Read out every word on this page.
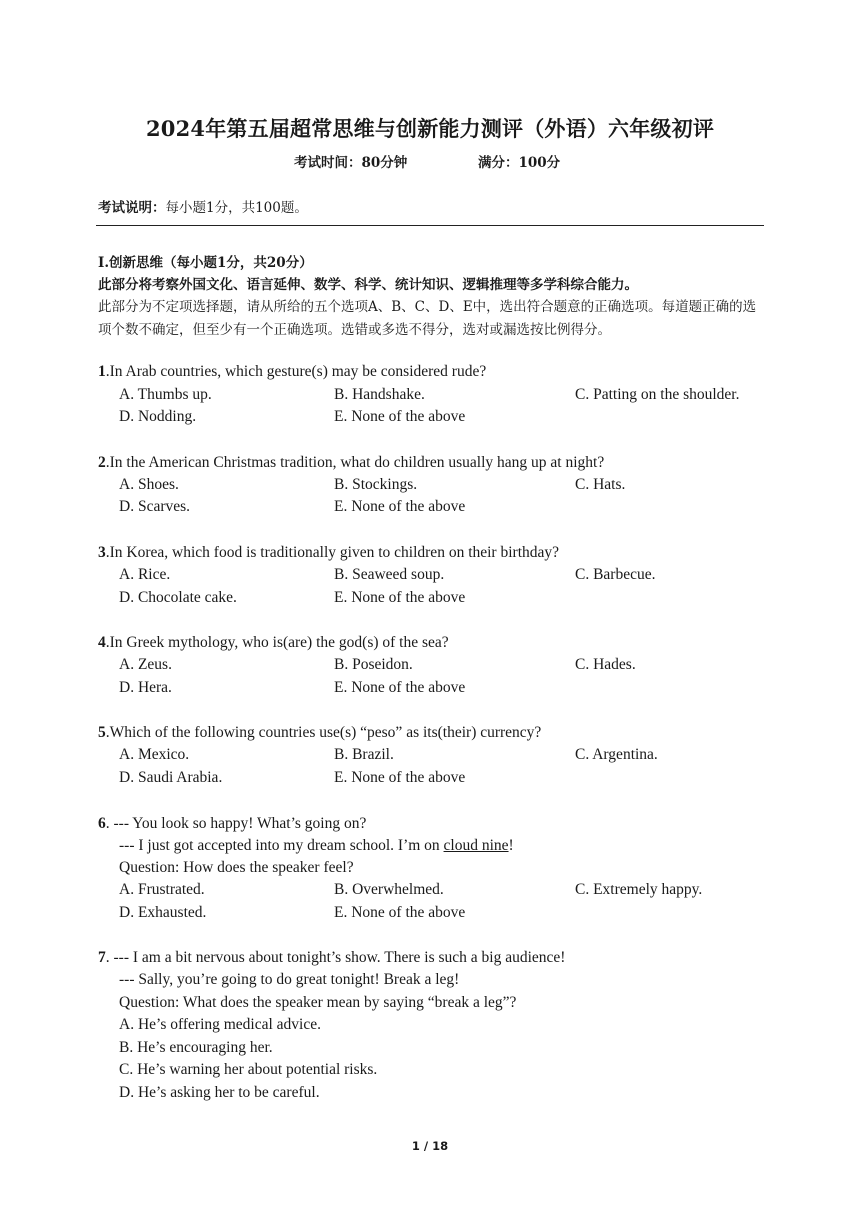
2024年第五届超常思维与创新能力测评（外语）六年级初评
考试时间：80分钟	满分：100分
考试说明：每小题1分，共100题。
I.创新思维（每小题1分，共20分）
此部分将考察外国文化、语言延伸、数学、科学、统计知识、逻辑推理等多学科综合能力。
此部分为不定项选择题，请从所给的五个选项A、B、C、D、E中，选出符合题意的正确选项。每道题正确的选项个数不确定，但至少有一个正确选项。选错或多选不得分，选对或漏选按比例得分。
1.In Arab countries, which gesture(s) may be considered rude?
A. Thumbs up.	B. Handshake.	C. Patting on the shoulder.
D. Nodding.	E. None of the above
2.In the American Christmas tradition, what do children usually hang up at night?
A. Shoes.	B. Stockings.	C. Hats.
D. Scarves.	E. None of the above
3.In Korea, which food is traditionally given to children on their birthday?
A. Rice.	B. Seaweed soup.	C. Barbecue.
D. Chocolate cake.	E. None of the above
4.In Greek mythology, who is(are) the god(s) of the sea?
A. Zeus.	B. Poseidon.	C. Hades.
D. Hera.	E. None of the above
5.Which of the following countries use(s) “peso” as its(their) currency?
A. Mexico.	B. Brazil.	C. Argentina.
D. Saudi Arabia.	E. None of the above
6. --- You look so happy! What’s going on?
--- I just got accepted into my dream school. I’m on cloud nine!
Question: How does the speaker feel?
A. Frustrated.	B. Overwhelmed.	C. Extremely happy.
D. Exhausted.	E. None of the above
7. --- I am a bit nervous about tonight’s show. There is such a big audience!
--- Sally, you’re going to do great tonight! Break a leg!
Question: What does the speaker mean by saying “break a leg”?
A. He’s offering medical advice.
B. He’s encouraging her.
C. He’s warning her about potential risks.
D. He’s asking her to be careful.
1 / 18
